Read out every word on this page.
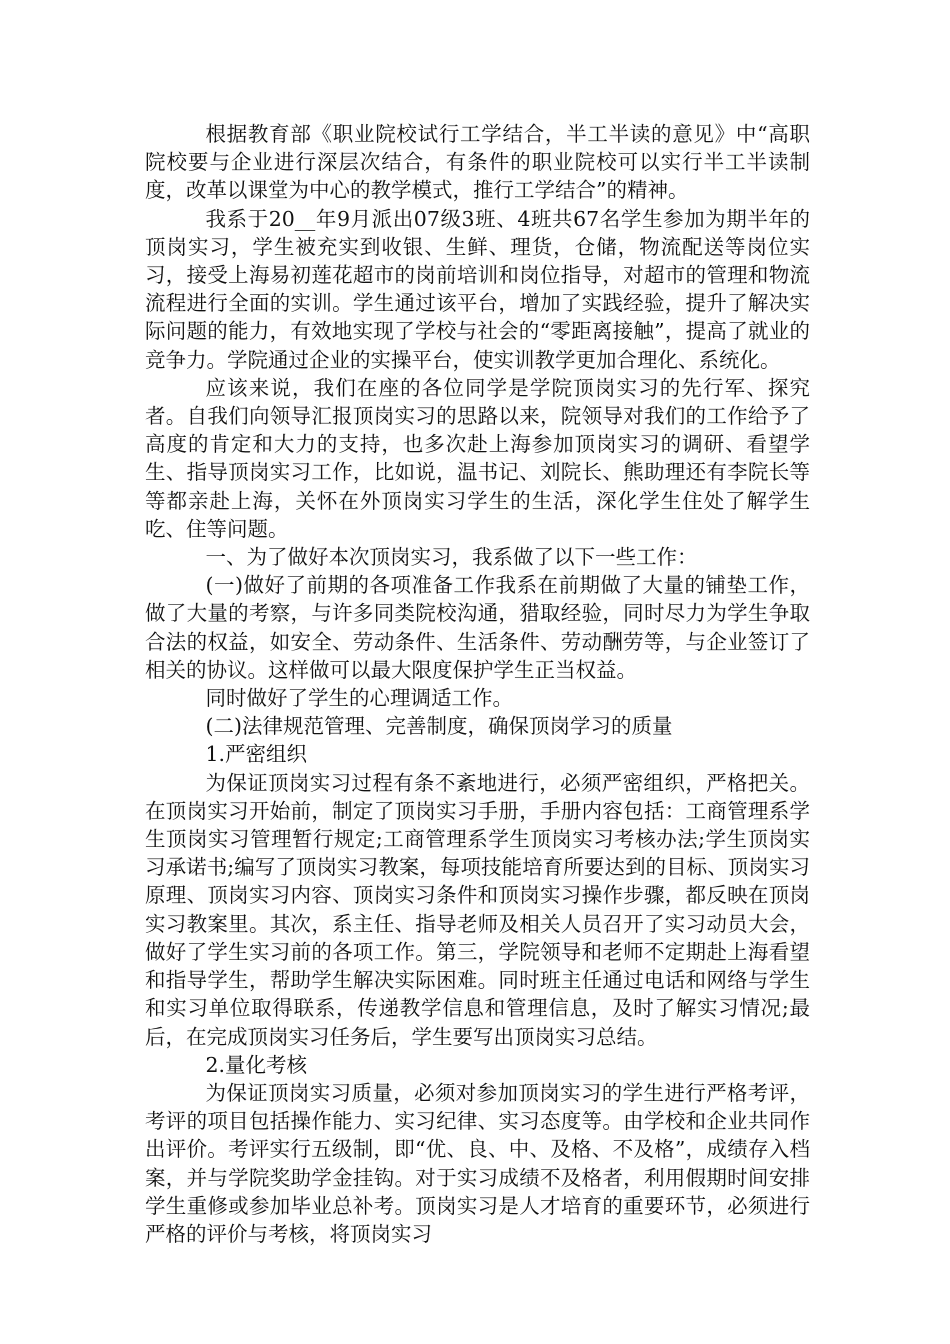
根据教育部《职业院校试行工学结合，半工半读的意见》中“高职院校要与企业进行深层次结合，有条件的职业院校可以实行半工半读制度，改革以课堂为中心的教学模式，推行工学结合”的精神。

我系于20__年9月派出07级3班、4班共67名学生参加为期半年的顶岗实习，学生被充实到收银、生鲜、理货，仓储，物流配送等岗位实习，接受上海易初莲花超市的岗前培训和岗位指导，对超市的管理和物流流程进行全面的实训。学生通过该平台，增加了实践经验，提升了解决实际问题的能力，有效地实现了学校与社会的“零距离接触”，提高了就业的竞争力。学院通过企业的实操平台，使实训教学更加合理化、系统化。

应该来说，我们在座的各位同学是学院顶岗实习的先行军、探究者。自我们向领导汇报顶岗实习的思路以来，院领导对我们的工作给予了高度的肯定和大力的支持，也多次赴上海参加顶岗实习的调研、看望学生、指导顶岗实习工作，比如说，温书记、刘院长、熊助理还有李院长等等都亲赴上海，关怀在外顶岗实习学生的生活，深化学生住处了解学生吃、住等问题。

一、为了做好本次顶岗实习，我系做了以下一些工作：

(一)做好了前期的各项准备工作我系在前期做了大量的铺垫工作，做了大量的考察，与许多同类院校沟通，猎取经验，同时尽力为学生争取合法的权益，如安全、劳动条件、生活条件、劳动酬劳等，与企业签订了相关的协议。这样做可以最大限度保护学生正当权益。

同时做好了学生的心理调适工作。

(二)法律规范管理、完善制度，确保顶岗学习的质量

1.严密组织

为保证顶岗实习过程有条不紊地进行，必须严密组织，严格把关。在顶岗实习开始前，制定了顶岗实习手册，手册内容包括：工商管理系学生顶岗实习管理暂行规定;工商管理系学生顶岗实习考核办法;学生顶岗实习承诺书;编写了顶岗实习教案，每项技能培育所要达到的目标、顶岗实习原理、顶岗实习内容、顶岗实习条件和顶岗实习操作步骤，都反映在顶岗实习教案里。其次，系主任、指导老师及相关人员召开了实习动员大会，做好了学生实习前的各项工作。第三，学院领导和老师不定期赴上海看望和指导学生，帮助学生解决实际困难。同时班主任通过电话和网络与学生和实习单位取得联系，传递教学信息和管理信息，及时了解实习情况;最后，在完成顶岗实习任务后，学生要写出顶岗实习总结。

2.量化考核

为保证顶岗实习质量，必须对参加顶岗实习的学生进行严格考评，考评的项目包括操作能力、实习纪律、实习态度等。由学校和企业共同作出评价。考评实行五级制，即“优、良、中、及格、不及格”，成绩存入档案，并与学院奖助学金挂钩。对于实习成绩不及格者，利用假期时间安排学生重修或参加毕业总补考。顶岗实习是人才培育的重要环节，必须进行严格的评价与考核，将顶岗实习
